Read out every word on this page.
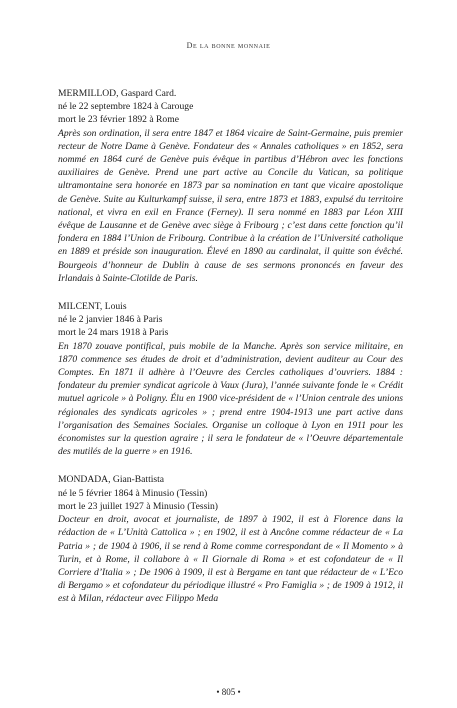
De la bonne monnaie
MERMILLOD, Gaspard Card.
né le 22 septembre 1824 à Carouge
mort le 23 février 1892 à Rome
Après son ordination, il sera entre 1847 et 1864 vicaire de Saint-Germaine, puis premier recteur de Notre Dame à Genève. Fondateur des « Annales catholiques » en 1852, sera nommé en 1864 curé de Genève puis évêque in partibus d’Hébron avec les fonctions auxiliaires de Genève. Prend une part active au Concile du Vatican, sa politique ultramontaine sera honorée en 1873 par sa nomination en tant que vicaire apostolique de Genève. Suite au Kulturkampf suisse, il sera, entre 1873 et 1883, expulsé du territoire national, et vivra en exil en France (Ferney). Il sera nommé en 1883 par Léon XIII évêque de Lausanne et de Genève avec siège à Fribourg ; c’est dans cette fonction qu’il fondera en 1884 l’Union de Fribourg. Contribue à la création de l’Université catholique en 1889 et préside son inauguration. Élevé en 1890 au cardinalat, il quitte son évêché. Bourgeois d’honneur de Dublin à cause de ses sermons prononcés en faveur des Irlandais à Sainte-Clotilde de Paris.
MILCENT, Louis
né le 2 janvier 1846 à Paris
mort le 24 mars 1918 à Paris
En 1870 zouave pontifical, puis mobile de la Manche. Après son service militaire, en 1870 commence ses études de droit et d’administration, devient auditeur au Cour des Comptes. En 1871 il adhère à l’Oeuvre des Cercles catholiques d’ouvriers. 1884 : fondateur du premier syndicat agricole à Vaux (Jura), l’année suivante fonde le « Crédit mutuel agricole » à Poligny. Élu en 1900 vice-président de « l’Union centrale des unions régionales des syndicats agricoles » ; prend entre 1904-1913 une part active dans l’organisation des Semaines Sociales. Organise un colloque à Lyon en 1911 pour les économistes sur la question agraire ; il sera le fondateur de « l’Oeuvre départementale des mutilés de la guerre » en 1916.
MONDADA, Gian-Battista
né le 5 février 1864 à Minusio (Tessin)
mort le 23 juillet 1927 à Minusio (Tessin)
Docteur en droit, avocat et journaliste, de 1897 à 1902, il est à Florence dans la rédaction de « L’Unità Cattolica » ; en 1902, il est à Ancône comme rédacteur de « La Patria » ; de 1904 à 1906, il se rend à Rome comme correspondant de « Il Momento » à Turin, et à Rome, il collabore à « Il Giornale di Roma » et est cofondateur de « Il Corriere d’Italia » ; De 1906 à 1909, il est à Bergame en tant que rédacteur de « L’Eco di Bergamo » et cofondateur du périodique illustré « Pro Famiglia » ; de 1909 à 1912, il est à Milan, rédacteur avec Filippo Meda
• 805 •
